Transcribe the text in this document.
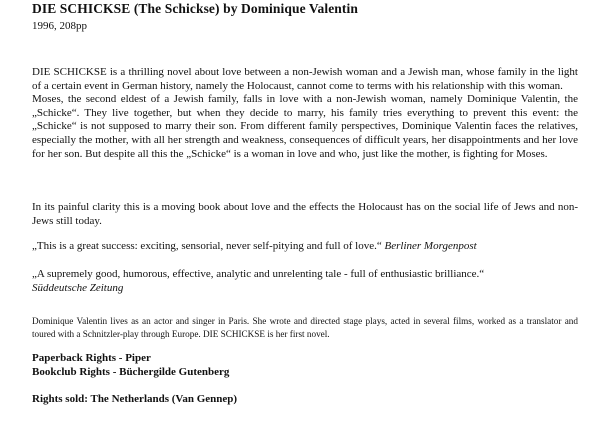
DIE SCHICKSE (The Schickse) by Dominique Valentin
1996, 208pp
DIE SCHICKSE is a thrilling novel about love between a non-Jewish woman and a Jewish man, whose family in the light of a certain event in German history, namely the Holocaust, cannot come to terms with his relationship with this woman.
Moses, the second eldest of a Jewish family, falls in love with a non-Jewish woman, namely Dominique Valentin, the „Schicke“. They live together, but when they decide to marry, his family tries everything to prevent this event: the „Schicke“ is not supposed to marry their son. From different family perspectives, Dominique Valentin faces the relatives, especially the mother, with all her strength and weakness, consequences of difficult years, her disappointments and her love for her son. But despite all this the „Schicke“ is a woman in love and who, just like the mother, is fighting for Moses.

In its painful clarity this is a moving book about love and the effects the Holocaust has on the social life of Jews and non-Jews still today.

„This is a great success: exciting, sensorial, never self-pitying and full of love.“ Berliner Morgenpost

„A supremely good, humorous, effective, analytic and unrelenting tale - full of enthusiastic brilliance.“
Süddeutsche Zeitung

Dominique Valentin lives as an actor and singer in Paris. She wrote and directed stage plays, acted in several films, worked as a translator and toured with a Schnitzler-play through Europe. DIE SCHICKSE is her first novel.

Paperback Rights - Piper
Bookclub Rights - Büchergilde Gutenberg
Rights sold: The Netherlands (Van Gennep)
